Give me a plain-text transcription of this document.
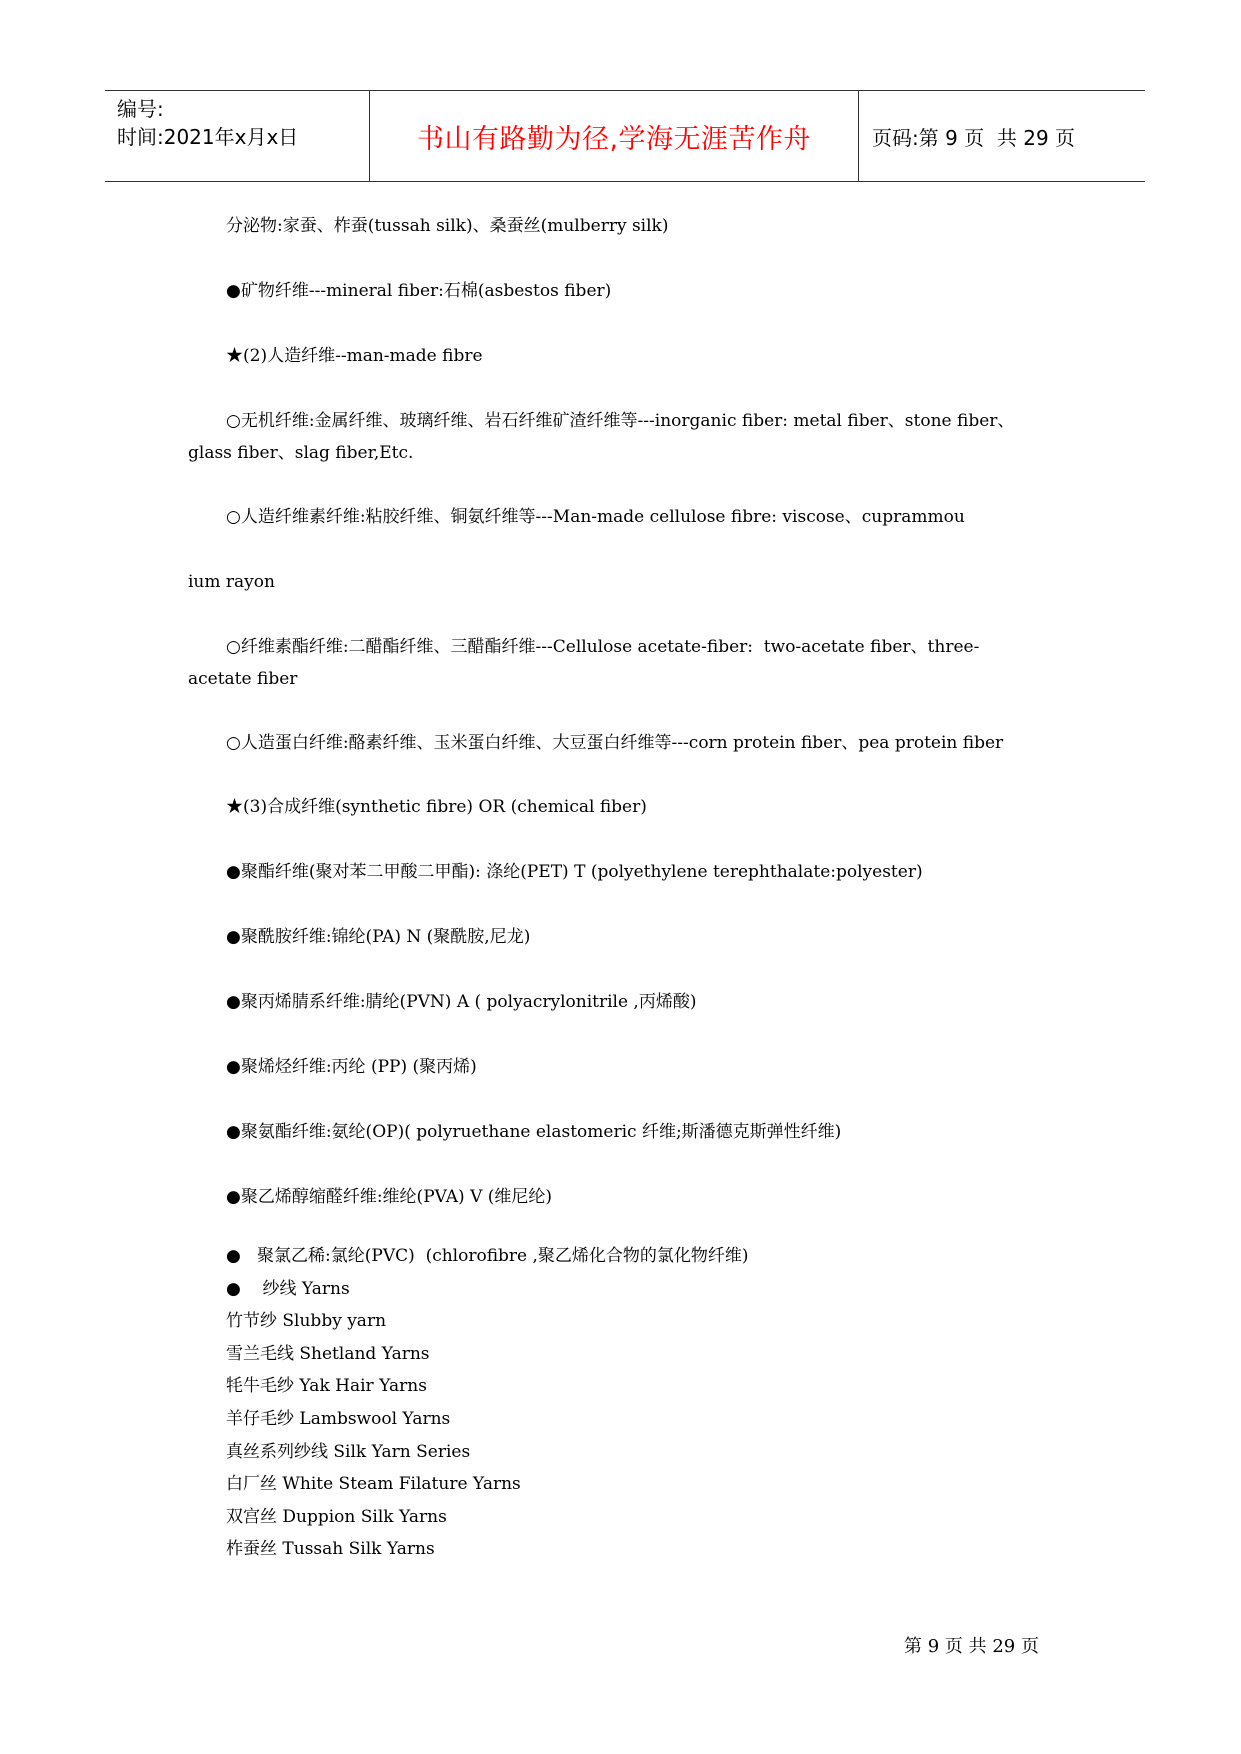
编号:
时间:2021年x月x日	书山有路勤为径,学海无涯苦作舟	页码:第 9 页  共 29 页
分泌物:家蚕、柞蚕(tussah silk)、桑蚕丝(mulberry silk)
●矿物纤维---mineral fiber:石棉(asbestos fiber)
★(2)人造纤维--man-made fibre
○无机纤维:金属纤维、玻璃纤维、岩石纤维矿渣纤维等---inorganic fiber: metal fiber、stone fiber、glass fiber、slag fiber,Etc.
○人造纤维素纤维:粘胶纤维、铜氨纤维等---Man-made cellulose fibre: viscose、cuprammou
ium rayon
○纤维素酯纤维:二醋酯纤维、三醋酯纤维---Cellulose acetate-fiber:  two-acetate fiber、three-acetate fiber
○人造蛋白纤维:酪素纤维、玉米蛋白纤维、大豆蛋白纤维等---corn protein fiber、pea protein fiber
★(3)合成纤维(synthetic fibre) OR (chemical fiber)
●聚酯纤维(聚对苯二甲酸二甲酯): 涤纶(PET) T (polyethylene terephthalate:polyester)
●聚酰胺纤维:锦纶(PA) N (聚酰胺,尼龙)
●聚丙烯腈系纤维:腈纶(PVN) A ( polyacrylonitrile ,丙烯酸)
●聚烯烃纤维:丙纶 (PP) (聚丙烯)
●聚氨酯纤维:氨纶(OP)( polyruethane elastomeric 纤维;斯潘德克斯弹性纤维)
●聚乙烯醇缩醛纤维:维纶(PVA) V (维尼纶)
●   聚氯乙稀:氯纶(PVC)  (chlorofibre ,聚乙烯化合物的氯化物纤维)
●    纱线 Yarns
竹节纱 Slubby yarn
雪兰毛线 Shetland Yarns
牦牛毛纱 Yak Hair Yarns
羊仔毛纱 Lambswool Yarns
真丝系列纱线 Silk Yarn Series
白厂丝 White Steam Filature Yarns
双宫丝 Duppion Silk Yarns
柞蚕丝 Tussah Silk Yarns
第 9 页 共 29 页
